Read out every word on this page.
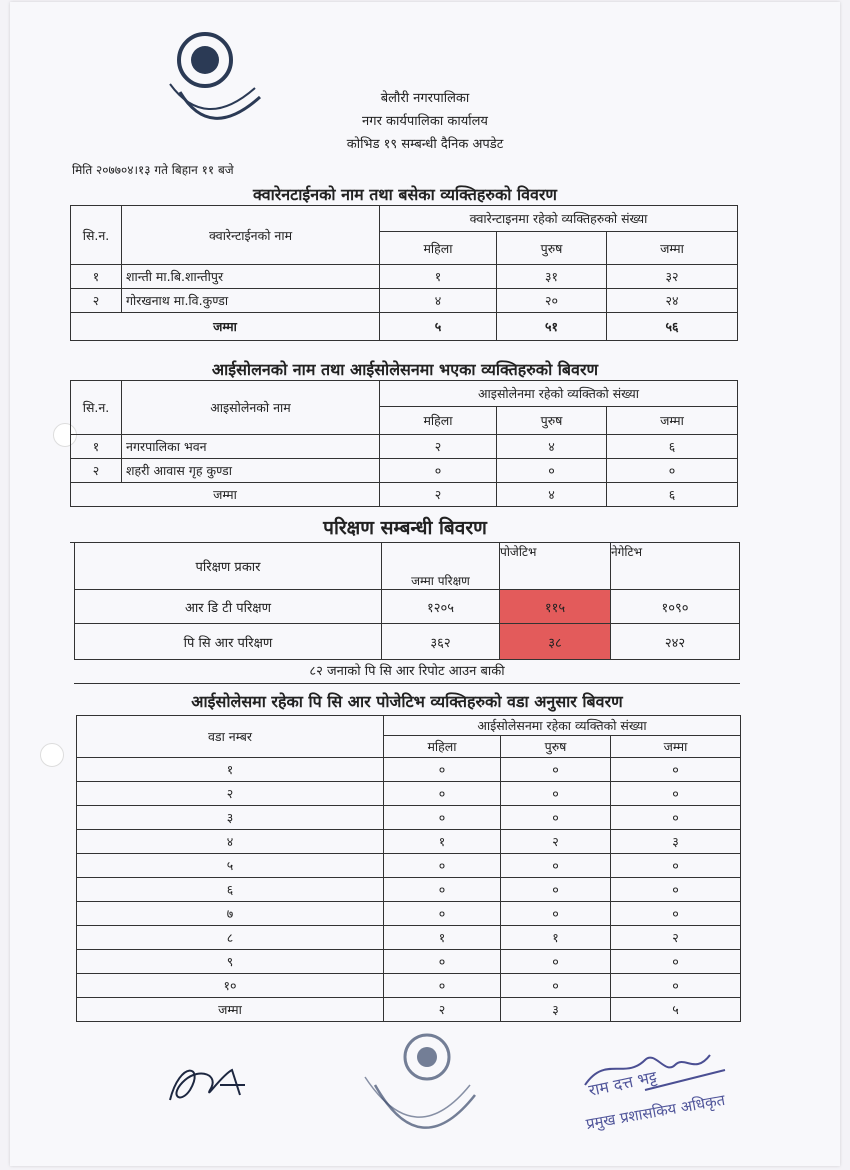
बेलौरी नगरपालिका
नगर कार्यपालिका कार्यालय
कोभिड १९ सम्बन्धी दैनिक अपडेट
मिति २०७७०४।१३ गते बिहान ११ बजे
क्वारेनटाईनको नाम तथा बसेका व्यक्तिहरुको विवरण
सि.न.	क्वारेन्टाईनको नाम	क्वारेन्टाइनमा रहेको व्यक्तिहरुको संख्या		
		महिला	पुरुष	जम्मा
१	शान्ती मा.बि.शान्तीपुर	१	३१	३२
२	गोरखनाथ मा.वि.कुण्डा	४	२०	२४
जम्मा		५	५१	५६
आईसोलनको नाम तथा आईसोलेसनमा भएका व्यक्तिहरुको बिवरण
सि.न.	आइसोलेनको नाम	आइसोलेनमा रहेको व्यक्तिको संख्या		
		महिला	पुरुष	जम्मा
१	नगरपालिका भवन	२	४	६
२	शहरी आवास गृह कुण्डा	०	०	०
जम्मा		२	४	६
परिक्षण सम्बन्धी बिवरण
परिक्षण प्रकार	जम्मा परिक्षण	पोजेटिभ	नेगेटिभ
आर डि टी परिक्षण	१२०५	११५	१०९०
पि सि आर परिक्षण	३६२	३८	२४२
८२ जनाको पि सि आर रिपोट आउन बाकी
आईसोलेसमा रहेका पि सि आर पोजेटिभ व्यक्तिहरुको वडा अनुसार बिवरण
वडा नम्बर	आईसोलेसनमा रहेका व्यक्तिको संख्या		
	महिला	पुरुष	जम्मा
१	०	०	०
२	०	०	०
३	०	०	०
४	१	२	३
५	०	०	०
६	०	०	०
७	०	०	०
८	१	१	२
९	०	०	०
१०	०	०	०
जम्मा	२	३	५
राम दत्त भट्ट
प्रमुख प्रशासकिय अधिकृत
